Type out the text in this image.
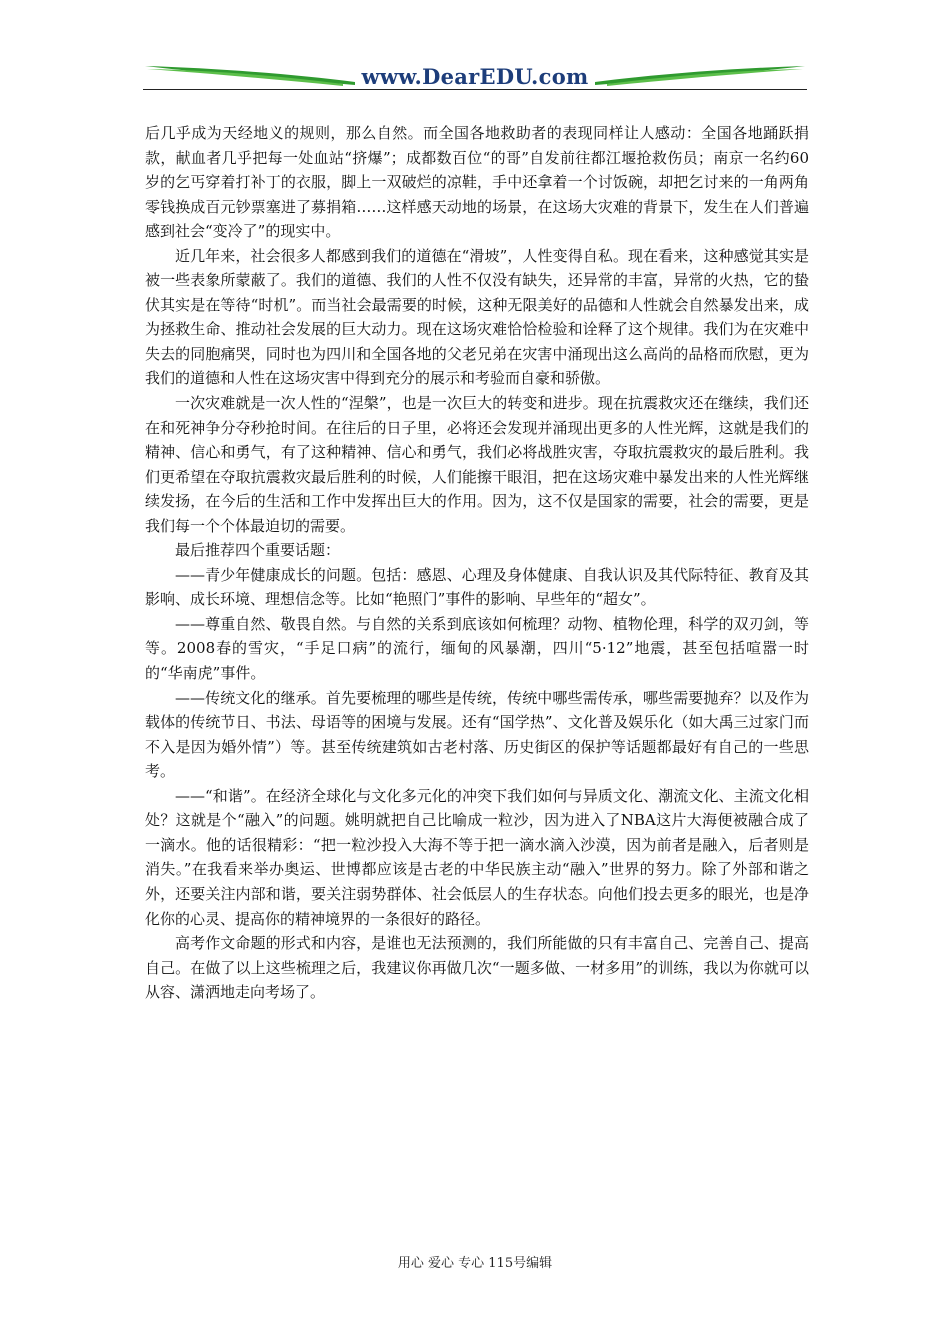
www.DearEDU.com

后几乎成为天经地义的规则，那么自然。而全国各地救助者的表现同样让人感动：全国各地踊跃捐款，献血者几乎把每一处血站“挤爆”；成都数百位“的哥”自发前往都江堰抢救伤员；南京一名约60岁的乞丐穿着打补丁的衣服，脚上一双破烂的凉鞋，手中还拿着一个讨饭碗，却把乞讨来的一角两角零钱换成百元钞票塞进了募捐箱……这样感天动地的场景，在这场大灾难的背景下，发生在人们普遍感到社会“变冷了”的现实中。

近几年来，社会很多人都感到我们的道德在“滑坡”，人性变得自私。现在看来，这种感觉其实是被一些表象所蒙蔽了。我们的道德、我们的人性不仅没有缺失，还异常的丰富，异常的火热，它的蛰伏其实是在等待“时机”。而当社会最需要的时候，这种无限美好的品德和人性就会自然暴发出来，成为拯救生命、推动社会发展的巨大动力。现在这场灾难恰恰检验和诠释了这个规律。我们为在灾难中失去的同胞痛哭，同时也为四川和全国各地的父老兄弟在灾害中涌现出这么高尚的品格而欣慰，更为我们的道德和人性在这场灾害中得到充分的展示和考验而自豪和骄傲。

一次灾难就是一次人性的“涅槃”，也是一次巨大的转变和进步。现在抗震救灾还在继续，我们还在和死神争分夺秒抢时间。在往后的日子里，必将还会发现并涌现出更多的人性光辉，这就是我们的精神、信心和勇气，有了这种精神、信心和勇气，我们必将战胜灾害，夺取抗震救灾的最后胜利。我们更希望在夺取抗震救灾最后胜利的时候，人们能擦干眼泪，把在这场灾难中暴发出来的人性光辉继续发扬，在今后的生活和工作中发挥出巨大的作用。因为，这不仅是国家的需要，社会的需要，更是我们每一个个体最迫切的需要。

最后推荐四个重要话题：

——青少年健康成长的问题。包括：感恩、心理及身体健康、自我认识及其代际特征、教育及其影响、成长环境、理想信念等。比如“艳照门”事件的影响、早些年的“超女”。

——尊重自然、敬畏自然。与自然的关系到底该如何梳理？动物、植物伦理，科学的双刃剑，等等。2008春的雪灾，“手足口病”的流行，缅甸的风暴潮，四川“5·12”地震，甚至包括喧嚣一时的“华南虎”事件。

——传统文化的继承。首先要梳理的哪些是传统，传统中哪些需传承，哪些需要抛弃？以及作为载体的传统节日、书法、母语等的困境与发展。还有“国学热”、文化普及娱乐化（如大禹三过家门而不入是因为婚外情”）等。甚至传统建筑如古老村落、历史街区的保护等话题都最好有自己的一些思考。

——“和谐”。在经济全球化与文化多元化的冲突下我们如何与异质文化、潮流文化、主流文化相处？这就是个“融入”的问题。姚明就把自己比喻成一粒沙，因为进入了NBA这片大海便被融合成了一滴水。他的话很精彩：“把一粒沙投入大海不等于把一滴水滴入沙漠，因为前者是融入，后者则是消失。”在我看来举办奥运、世博都应该是古老的中华民族主动“融入”世界的努力。除了外部和谐之外，还要关注内部和谐，要关注弱势群体、社会低层人的生存状态。向他们投去更多的眼光，也是净化你的心灵、提高你的精神境界的一条很好的路径。

高考作文命题的形式和内容，是谁也无法预测的，我们所能做的只有丰富自己、完善自己、提高自己。在做了以上这些梳理之后，我建议你再做几次“一题多做、一材多用”的训练，我以为你就可以从容、潇洒地走向考场了。

用心 爱心 专心 115号编辑
